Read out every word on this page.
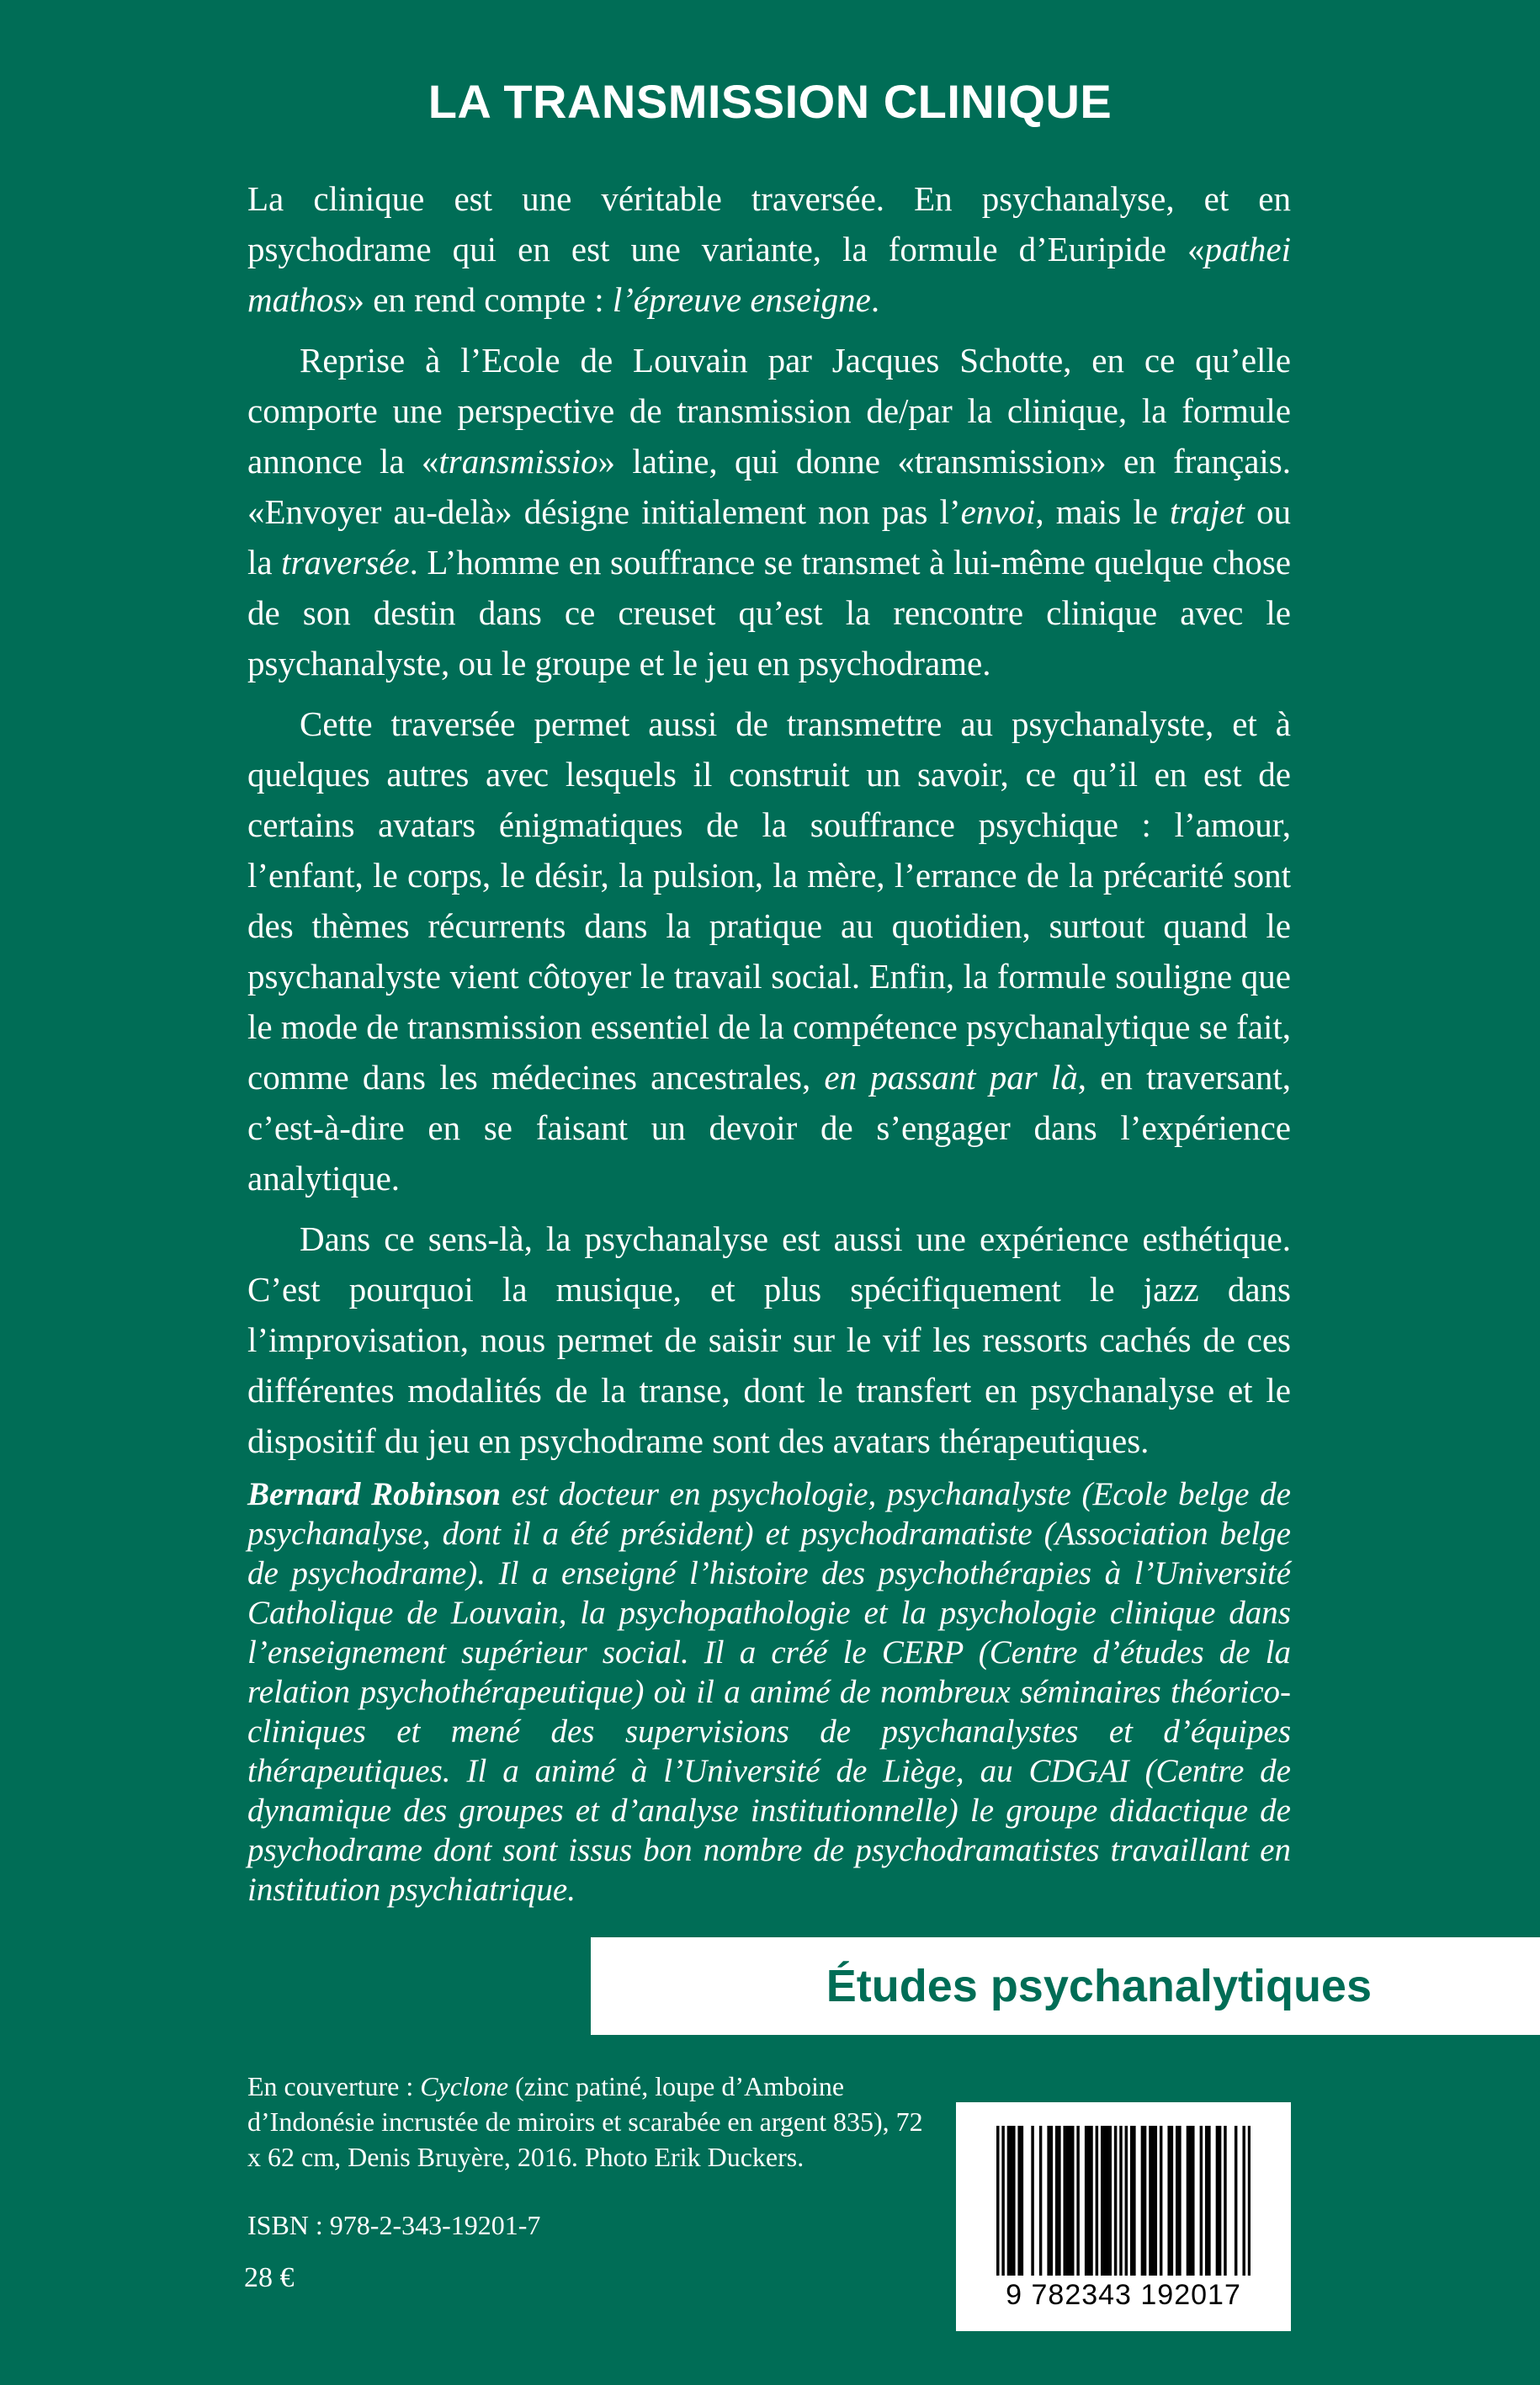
LA TRANSMISSION CLINIQUE

La clinique est une véritable traversée. En psychanalyse, et en psychodrame qui en est une variante, la formule d’Euripide «pathei mathos» en rend compte : l’épreuve enseigne.

Reprise à l’Ecole de Louvain par Jacques Schotte, en ce qu’elle comporte une perspective de transmission de/par la clinique, la formule annonce la «transmissio» latine, qui donne «transmission» en français. «Envoyer au-delà» désigne initialement non pas l’envoi, mais le trajet ou la traversée. L’homme en souffrance se transmet à lui-même quelque chose de son destin dans ce creuset qu’est la rencontre clinique avec le psychanalyste, ou le groupe et le jeu en psychodrame.

Cette traversée permet aussi de transmettre au psychanalyste, et à quelques autres avec lesquels il construit un savoir, ce qu’il en est de certains avatars énigmatiques de la souffrance psychique : l’amour, l’enfant, le corps, le désir, la pulsion, la mère, l’errance de la précarité sont des thèmes récurrents dans la pratique au quotidien, surtout quand le psychanalyste vient côtoyer le travail social. Enfin, la formule souligne que le mode de transmission essentiel de la compétence psychanalytique se fait, comme dans les médecines ancestrales, en passant par là, en traversant, c’est-à-dire en se faisant un devoir de s’engager dans l’expérience analytique.

Dans ce sens-là, la psychanalyse est aussi une expérience esthétique. C’est pourquoi la musique, et plus spécifiquement le jazz dans l’improvisation, nous permet de saisir sur le vif les ressorts cachés de ces différentes modalités de la transe, dont le transfert en psychanalyse et le dispositif du jeu en psychodrame sont des avatars thérapeutiques.

Bernard Robinson est docteur en psychologie, psychanalyste (Ecole belge de psychanalyse, dont il a été président) et psychodramatiste (Association belge de psychodrame). Il a enseigné l’histoire des psychothérapies à l’Université Catholique de Louvain, la psychopathologie et la psychologie clinique dans l’enseignement supérieur social. Il a créé le CERP (Centre d’études de la relation psychothérapeutique) où il a animé de nombreux séminaires théorico-cliniques et mené des supervisions de psychanalystes et d’équipes thérapeutiques. Il a animé à l’Université de Liège, au CDGAI (Centre de dynamique des groupes et d’analyse institutionnelle) le groupe didactique de psychodrame dont sont issus bon nombre de psychodramatistes travaillant en institution psychiatrique.

Études psychanalytiques

En couverture : Cyclone (zinc patiné, loupe d’Amboine d’Indonésie incrustée de miroirs et scarabée en argent 835), 72 x 62 cm, Denis Bruyère, 2016. Photo Erik Duckers.

ISBN : 978-2-343-19201-7

28 €

9 782343 192017
